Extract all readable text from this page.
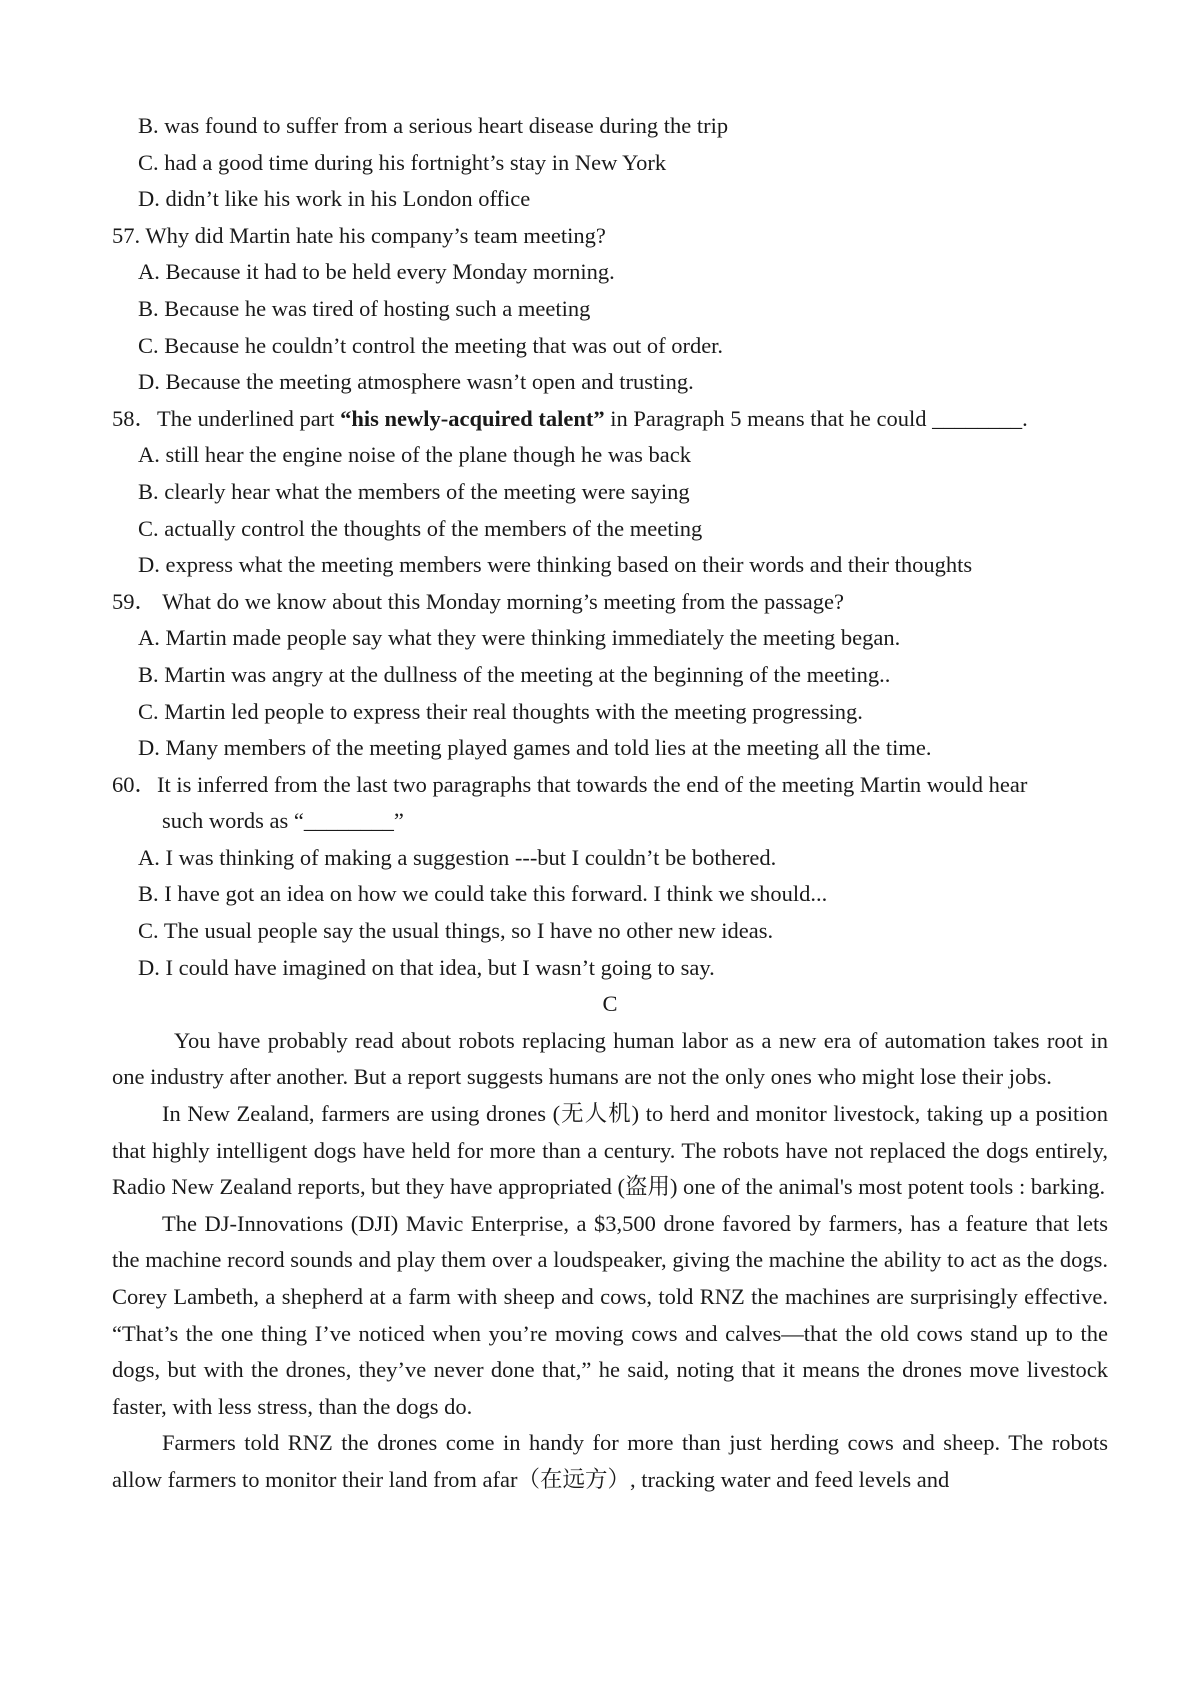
B. was found to suffer from a serious heart disease during the trip
C. had a good time during his fortnight’s stay in New York
D. didn’t like his work in his London office
57. Why did Martin hate his company’s team meeting?
A. Because it had to be held every Monday morning.
B. Because he was tired of hosting such a meeting
C. Because he couldn’t control the meeting that was out of order.
D. Because the meeting atmosphere wasn’t open and trusting.
58．The underlined part “his newly-acquired talent” in Paragraph 5 means that he could ________.
A. still hear the engine noise of the plane though he was back
B. clearly hear what the members of the meeting were saying
C. actually control the thoughts of the members of the meeting
D. express what the meeting members were thinking based on their words and their thoughts
59． What do we know about this Monday morning’s meeting from the passage?
A. Martin made people say what they were thinking immediately the meeting began.
B. Martin was angry at the dullness of the meeting at the beginning of the meeting..
C. Martin led people to express their real thoughts with the meeting progressing.
D. Many members of the meeting played games and told lies at the meeting all the time.
60．It is inferred from the last two paragraphs that towards the end of the meeting Martin would hear
such words as “________”
A. I was thinking of making a suggestion ---but I couldn’t be bothered.
B. I have got an idea on how we could take this forward. I think we should...
C. The usual people say the usual things, so I have no other new ideas.
D. I could have imagined on that idea, but I wasn’t going to say.
C

You have probably read about robots replacing human labor as a new era of automation takes root in one industry after another. But a report suggests humans are not the only ones who might lose their jobs.

In New Zealand, farmers are using drones (无人机) to herd and monitor livestock, taking up a position that highly intelligent dogs have held for more than a century. The robots have not replaced the dogs entirely, Radio New Zealand reports, but they have appropriated (盗用) one of the animal's most potent tools : barking.

The DJ-Innovations (DJI) Mavic Enterprise, a $3,500 drone favored by farmers, has a feature that lets the machine record sounds and play them over a loudspeaker, giving the machine the ability to act as the dogs. Corey Lambeth, a shepherd at a farm with sheep and cows, told RNZ the machines are surprisingly effective. “That’s the one thing I’ve noticed when you’re moving cows and calves—that the old cows stand up to the dogs, but with the drones, they’ve never done that,” he said, noting that it means the drones move livestock faster, with less stress, than the dogs do.

Farmers told RNZ the drones come in handy for more than just herding cows and sheep. The robots allow farmers to monitor their land from afar（在远方）, tracking water and feed levels and
